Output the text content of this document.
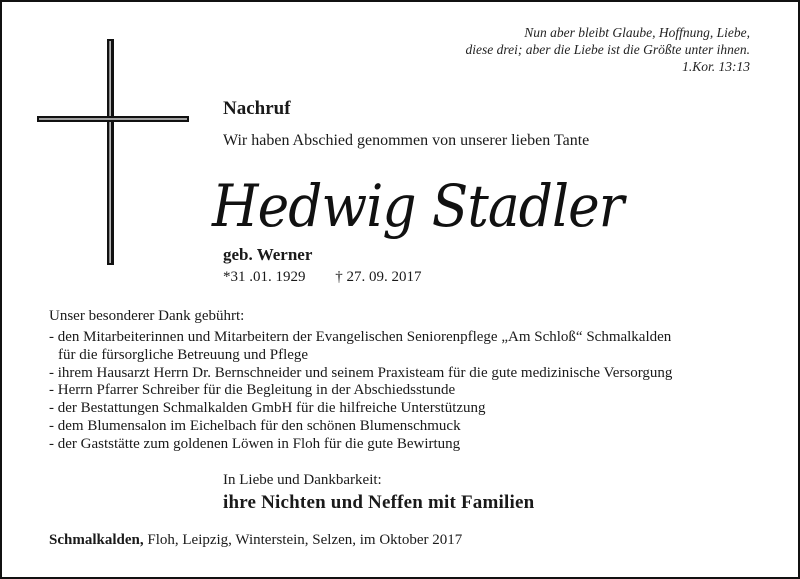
Nun aber bleibt Glaube, Hoffnung, Liebe,
diese drei; aber die Liebe ist die Größte unter ihnen.
1.Kor. 13:13
Nachruf
Wir haben Abschied genommen von unserer lieben Tante
Hedwig Stadler
geb. Werner
*31 .01. 1929 † 27. 09. 2017
Unser besonderer Dank gebührt:
- den Mitarbeiterinnen und Mitarbeitern der Evangelischen Seniorenpflege „Am Schloß“ Schmalkalden
für die fürsorgliche Betreuung und Pflege
- ihrem Hausarzt Herrn Dr. Bernschneider und seinem Praxisteam für die gute medizinische Versorgung
- Herrn Pfarrer Schreiber für die Begleitung in der Abschiedsstunde
- der Bestattungen Schmalkalden GmbH für die hilfreiche Unterstützung
- dem Blumensalon im Eichelbach für den schönen Blumenschmuck
- der Gaststätte zum goldenen Löwen in Floh für die gute Bewirtung
In Liebe und Dankbarkeit:
ihre Nichten und Neffen mit Familien
Schmalkalden, Floh, Leipzig, Winterstein, Selzen, im Oktober 2017
